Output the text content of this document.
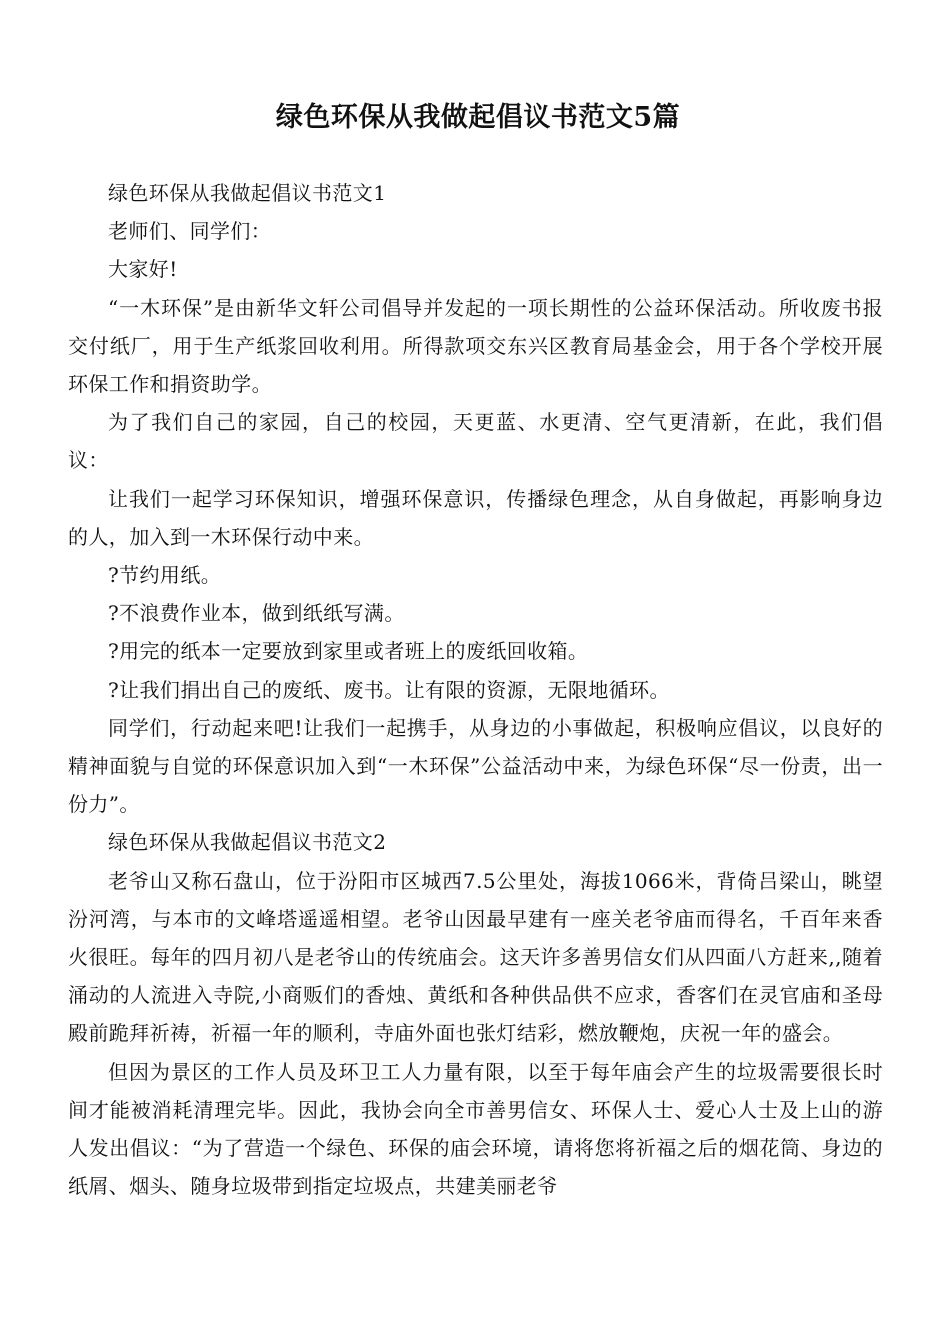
绿色环保从我做起倡议书范文5篇

绿色环保从我做起倡议书范文1

老师们、同学们：

大家好!

“一木环保”是由新华文轩公司倡导并发起的一项长期性的公益环保活动。所收废书报交付纸厂，用于生产纸浆回收利用。所得款项交东兴区教育局基金会，用于各个学校开展环保工作和捐资助学。

为了我们自己的家园，自己的校园，天更蓝、水更清、空气更清新，在此，我们倡议：

让我们一起学习环保知识，增强环保意识，传播绿色理念，从自身做起，再影响身边的人，加入到一木环保行动中来。

?节约用纸。

?不浪费作业本，做到纸纸写满。

?用完的纸本一定要放到家里或者班上的废纸回收箱。

?让我们捐出自己的废纸、废书。让有限的资源，无限地循环。

同学们，行动起来吧!让我们一起携手，从身边的小事做起，积极响应倡议，以良好的精神面貌与自觉的环保意识加入到“一木环保”公益活动中来，为绿色环保“尽一份责，出一份力”。

绿色环保从我做起倡议书范文2

老爷山又称石盘山，位于汾阳市区城西7.5公里处，海拔1066米，背倚吕梁山，眺望汾河湾，与本市的文峰塔遥遥相望。老爷山因最早建有一座关老爷庙而得名，千百年来香火很旺。每年的四月初八是老爷山的传统庙会。这天许多善男信女们从四面八方赶来,,随着涌动的人流进入寺院,小商贩们的香烛、黄纸和各种供品供不应求，香客们在灵官庙和圣母殿前跪拜祈祷，祈福一年的顺利，寺庙外面也张灯结彩，燃放鞭炮，庆祝一年的盛会。

但因为景区的工作人员及环卫工人力量有限，以至于每年庙会产生的垃圾需要很长时间才能被消耗清理完毕。因此，我协会向全市善男信女、环保人士、爱心人士及上山的游人发出倡议：“为了营造一个绿色、环保的庙会环境，请将您将祈福之后的烟花筒、身边的纸屑、烟头、随身垃圾带到指定垃圾点，共建美丽老爷
